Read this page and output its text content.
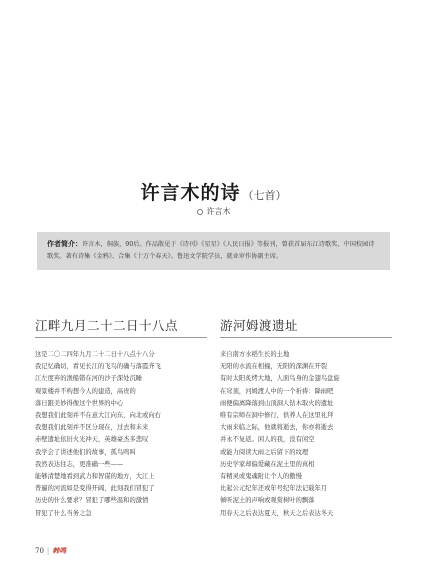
许言木的诗 （七首）
许言木
作者简介：许言木，侗族，90后。作品散见于《诗刊》《星星》《人民日报》等报刊，曾获首届东江诗歌奖、中国校园诗歌奖。著有诗集《金鸦》、合集《十万个春天》。鲁迅文学院学员，就业审作协副主席。
江畔九月二十二日十八点
这是二〇二四年九月二十二日十八点十八分
我记忆确切，看见长江的飞鸟的确与落霞齐飞
江左度弃的渔船错在河的沙子深处沉睡
观景楼并不构想今人的建造，高贵的
落日跟美妙得像这个世界的中心
我想我们此刻并不在意大江向东、向北或向右
我想我们此刻并不区分现在，过去和未来
赤壁遗址依旧火光冲天，英雄豪杰多悲叹
我学会了讲述他们的故事，孤鸟鸣叫
我然表达往志，更准确一些——
能够清楚地看到武力和智谋的地方，大江上
普遍的河流如是变得开阔，此刻我们冒犯了
历史的什么要求？冒犯了哪些温和的激情
冒犯了什么当务之急
游河姆渡遗址
来自南方水稻生长的土地
无阳的水流在相撞，无阳的深渊在开裂
有时太阳炙烤大地，人面鸟身的金翅鸟盘旋
在穹顶，河姆渡人中的一个祈祷：降雨吧
雨便偏离降落到山顶洞人钻木取火的遗址
唯有宗师在洞中修行，供养人在这里礼拜
大雨来临之际，他就将逝去，你亦将逝去
并永不复返。闲人的我，没有闲空
或能力阅读大雨之后留下的纹理
历史学家却偏爱藏在泥土里的真相
有精灵或鬼魂附让个人的傲慢
比起公元纪年还或年号纪年法记载年月
倾听泥土的声响或观赏树叶的飘落
用春天之后表达夏天，秋天之后表达冬天
70 | 韩鸣
